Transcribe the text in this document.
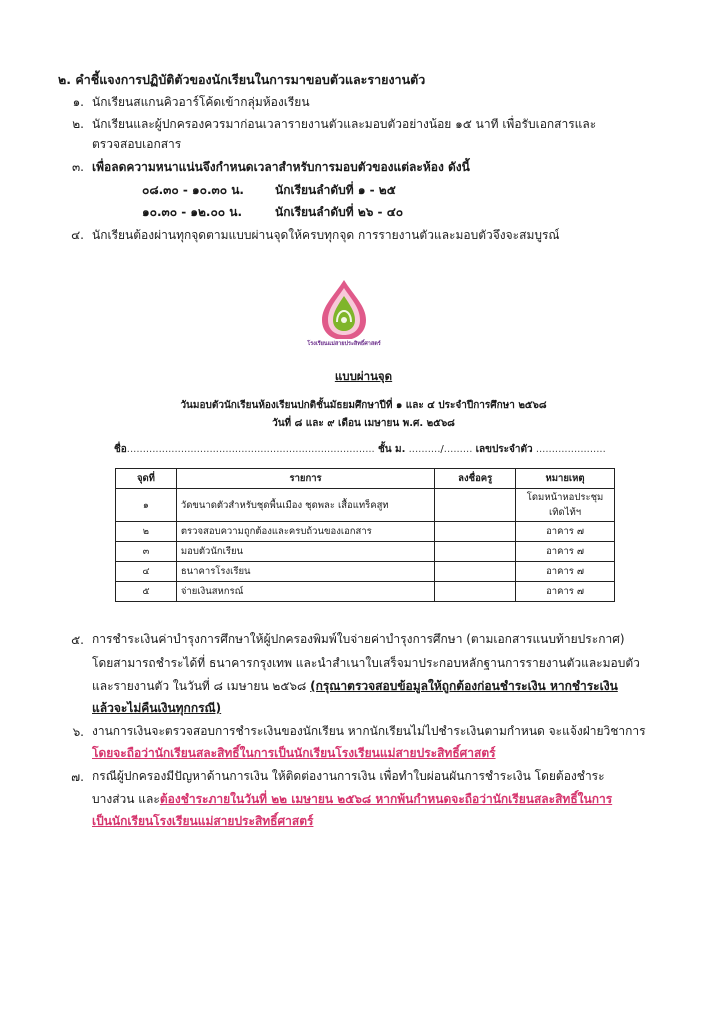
๒. คำชี้แจงการปฏิบัติตัวของนักเรียนในการมาขอบตัวและรายงานตัว
๑. นักเรียนสแกนคิวอาร์โค้ดเข้ากลุ่มห้องเรียน
๒. นักเรียนและผู้ปกครองควรมาก่อนเวลารายงานตัวและมอบตัวอย่างน้อย ๑๕ นาที เพื่อรับเอกสารและ
ตรวจสอบเอกสาร
๓. เพื่อลดความหนาแน่นจึงกำหนดเวลาสำหรับการมอบตัวของแต่ละห้อง ดังนี้
๐๘.๓๐ - ๑๐.๓๐ น.	นักเรียนลำดับที่ ๑ - ๒๕
๑๐.๓๐ - ๑๒.๐๐ น.	นักเรียนลำดับที่ ๒๖ - ๔๐
๔. นักเรียนต้องผ่านทุกจุดตามแบบผ่านจุดให้ครบทุกจุด การรายงานตัวและมอบตัวจึงจะสมบูรณ์
โรงเรียนแม่สายประสิทธิ์ศาสตร์
แบบผ่านจุด
วันมอบตัวนักเรียนห้องเรียนปกติชั้นมัธยมศึกษาปีที่ ๑ และ ๔ ประจำปีการศึกษา ๒๕๖๘
วันที่ ๘ และ ๙ เดือน เมษายน พ.ศ. ๒๕๖๘
ชื่อ.............................................................................. ชั้น ม. ........../......... เลขประจำตัว ......................
จุดที่	รายการ	ลงชื่อครู	หมายเหตุ
๑	วัดขนาดตัวสำหรับชุดพื้นเมือง ชุดพละ เสื้อแทร็คสูท		โดมหน้าหอประชุม
เทิดไท้ฯ

๒	ตรวจสอบความถูกต้องและครบถ้วนของเอกสาร		อาคาร ๗
๓	มอบตัวนักเรียน		อาคาร ๗
๔	ธนาคารโรงเรียน		อาคาร ๗
๕	จ่ายเงินสหกรณ์		อาคาร ๗
๕. การชำระเงินค่าบำรุงการศึกษาให้ผู้ปกครองพิมพ์ใบจ่ายค่าบำรุงการศึกษา (ตามเอกสารแนบท้ายประกาศ)
โดยสามารถชำระได้ที่ ธนาคารกรุงเทพ และนำสำเนาใบเสร็จมาประกอบหลักฐานการรายงานตัวและมอบตัว
และรายงานตัว ในวันที่ ๘ เมษายน ๒๕๖๘ (กรุณาตรวจสอบข้อมูลให้ถูกต้องก่อนชำระเงิน หากชำระเงิน
แล้วจะไม่คืนเงินทุกกรณี)
๖. งานการเงินจะตรวจสอบการชำระเงินของนักเรียน หากนักเรียนไม่ไปชำระเงินตามกำหนด จะแจ้งฝ่ายวิชาการ
โดยจะถือว่านักเรียนสละสิทธิ์ในการเป็นนักเรียนโรงเรียนแม่สายประสิทธิ์ศาสตร์
๗. กรณีผู้ปกครองมีปัญหาด้านการเงิน ให้ติดต่องานการเงิน เพื่อทำใบผ่อนผันการชำระเงิน โดยต้องชำระ
บางส่วน และต้องชำระภายในวันที่ ๒๒ เมษายน ๒๕๖๘ หากพ้นกำหนดจะถือว่านักเรียนสละสิทธิ์ในการ
เป็นนักเรียนโรงเรียนแม่สายประสิทธิ์ศาสตร์
